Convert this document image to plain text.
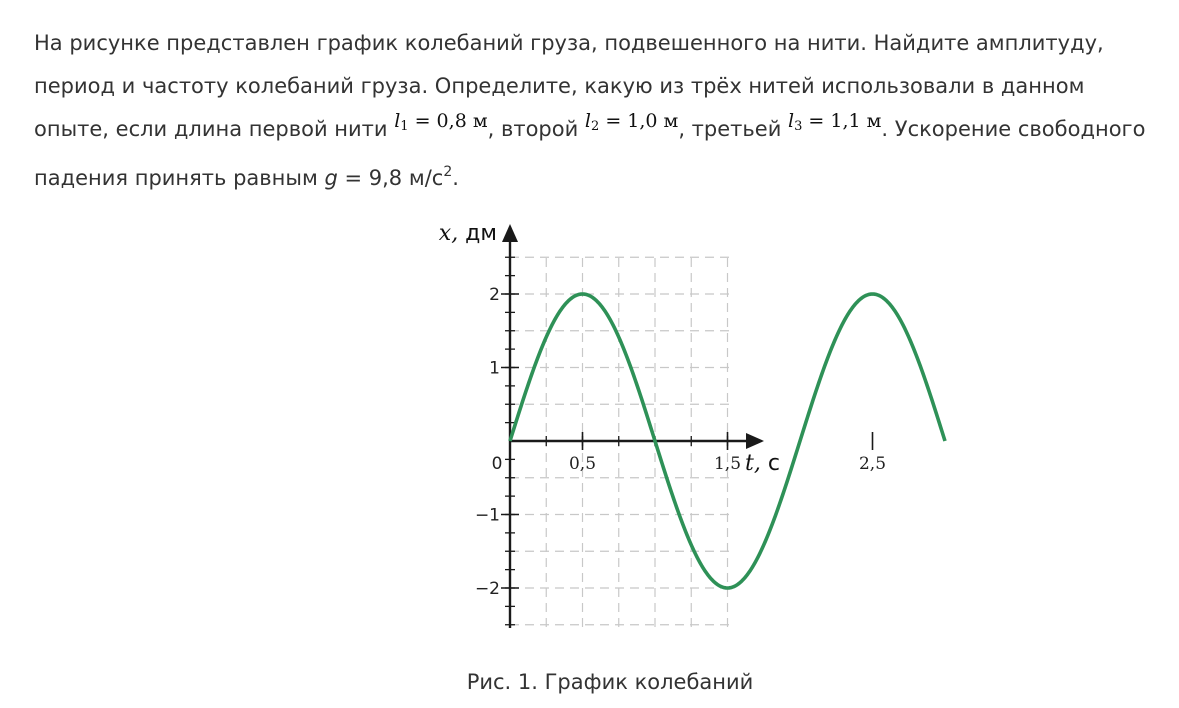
На рисунке представлен график колебаний груза, подвешенного на нити. Найдите амплитуду, период и частоту колебаний груза. Определите, какую из трёх нитей использовали в данном опыте, если длина первой нити $l_1 = 0,8$ м, второй $l_2 = 1,0$ м, третьей $l_3 = 1,1$ м. Ускорение свободного падения принять равным g = 9,8 $м/с^2$.

0,5	1,5	2,5
2
1
−1
−2
0
x, дм
t, с

Рис. 1. График колебаний
